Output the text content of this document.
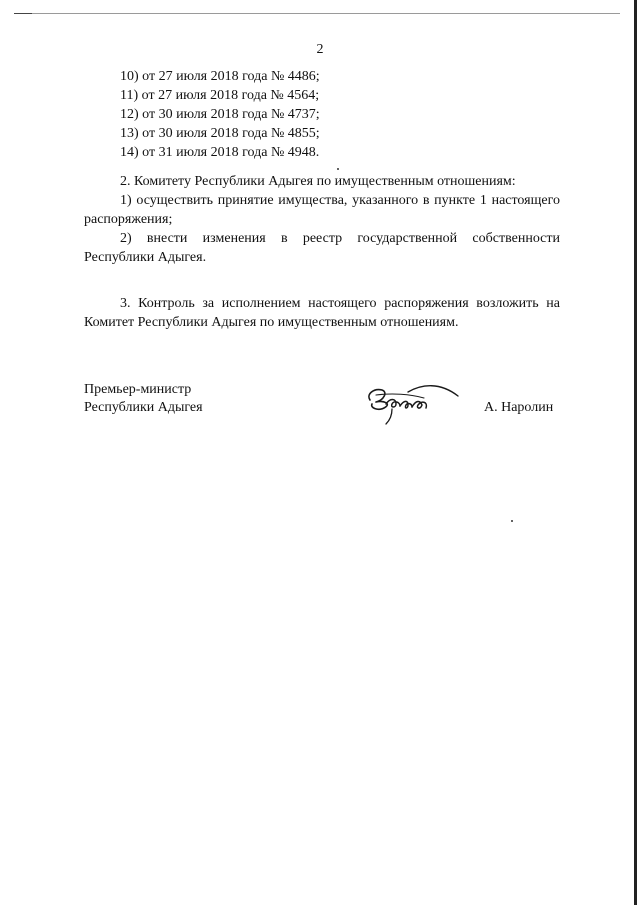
2
10) от 27 июля 2018 года № 4486;
11) от 27 июля 2018 года № 4564;
12) от 30 июля 2018 года № 4737;
13) от 30 июля 2018 года № 4855;
14) от 31 июля 2018 года № 4948.

2. Комитету Республики Адыгея по имущественным отношениям:

1) осуществить принятие имущества, указанного в пункте 1 настоящего распоряжения;

2) внести изменения в реестр государственной собственности Республики Адыгея.

3. Контроль за исполнением настоящего распоряжения возложить на Комитет Республики Адыгея по имущественным отношениям.

Премьер-министр
Республики Адыгея	А. Наролин
